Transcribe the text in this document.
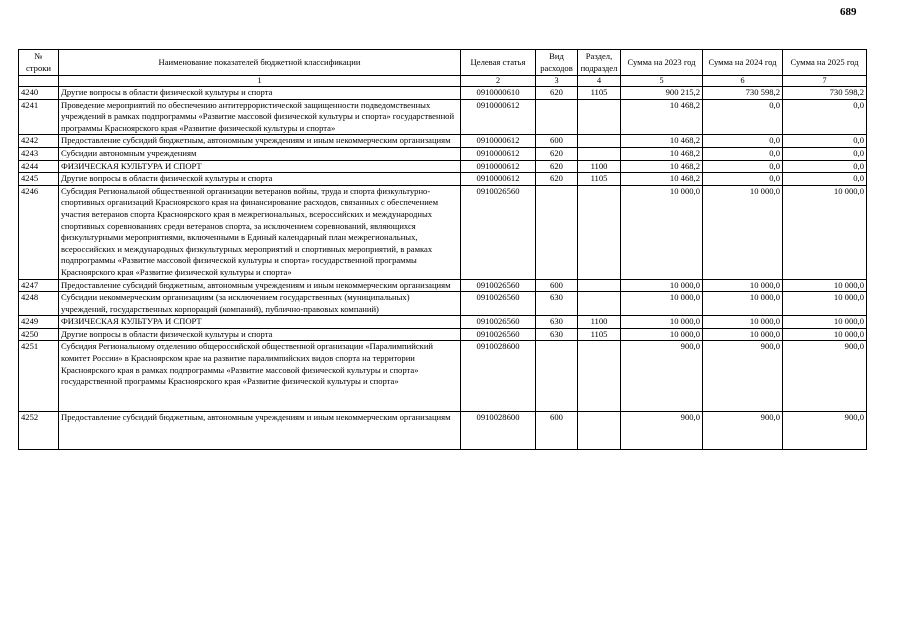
689
№ строки	Наименование показателей бюджетной классификации	Целевая статья	Вид расходов	Раздел, подраздел	Сумма на 2023 год	Сумма на 2024 год	Сумма на 2025 год
	1	2	3	4	5	6	7
4240	Другие вопросы в области физической культуры и спорта	0910000610	620	1105	900 215,2	730 598,2	730 598,2
4241	Проведение мероприятий по обеспечению антитеррористической защищенности подведомственных учреждений в рамках подпрограммы «Развитие массовой физической культуры и спорта» государственной программы Красноярского края «Развитие физической культуры и спорта»	0910000612			10 468,2	0,0	0,0
4242	Предоставление субсидий бюджетным, автономным учреждениям и иным некоммерческим организациям	0910000612	600		10 468,2	0,0	0,0
4243	Субсидии автономным учреждениям	0910000612	620		10 468,2	0,0	0,0
4244	ФИЗИЧЕСКАЯ КУЛЬТУРА И СПОРТ	0910000612	620	1100	10 468,2	0,0	0,0
4245	Другие вопросы в области физической культуры и спорта	0910000612	620	1105	10 468,2	0,0	0,0
4246	Субсидия Региональной общественной организации ветеранов войны, труда и спорта физкультурно-спортивных организаций Красноярского края на финансирование расходов, связанных с обеспечением участия ветеранов спорта Красноярского края в межрегиональных, всероссийских и международных спортивных соревнованиях среди ветеранов спорта, за исключением соревнований, являющихся физкультурными мероприятиями, включенными в Единый календарный план межрегиональных, всероссийских и международных физкультурных мероприятий и спортивных мероприятий, в рамках подпрограммы «Развитие массовой физической культуры и спорта» государственной программы Красноярского края «Развитие физической культуры и спорта»	0910026560			10 000,0	10 000,0	10 000,0
4247	Предоставление субсидий бюджетным, автономным учреждениям и иным некоммерческим организациям	0910026560	600		10 000,0	10 000,0	10 000,0
4248	Субсидии некоммерческим организациям (за исключением государственных (муниципальных) учреждений, государственных корпораций (компаний), публично-правовых компаний)	0910026560	630		10 000,0	10 000,0	10 000,0
4249	ФИЗИЧЕСКАЯ КУЛЬТУРА И СПОРТ	0910026560	630	1100	10 000,0	10 000,0	10 000,0
4250	Другие вопросы в области физической культуры и спорта	0910026560	630	1105	10 000,0	10 000,0	10 000,0
4251	Субсидия Региональному отделению общероссийской общественной организации «Паралимпийский комитет России» в Красноярском крае на развитие паралимпийских видов спорта на территории Красноярского края в рамках подпрограммы «Развитие массовой физической культуры и спорта» государственной программы Красноярского края «Развитие физической культуры и спорта»	0910028600			900,0	900,0	900,0
4252	Предоставление субсидий бюджетным, автономным учреждениям и иным некоммерческим организациям	0910028600	600		900,0	900,0	900,0
